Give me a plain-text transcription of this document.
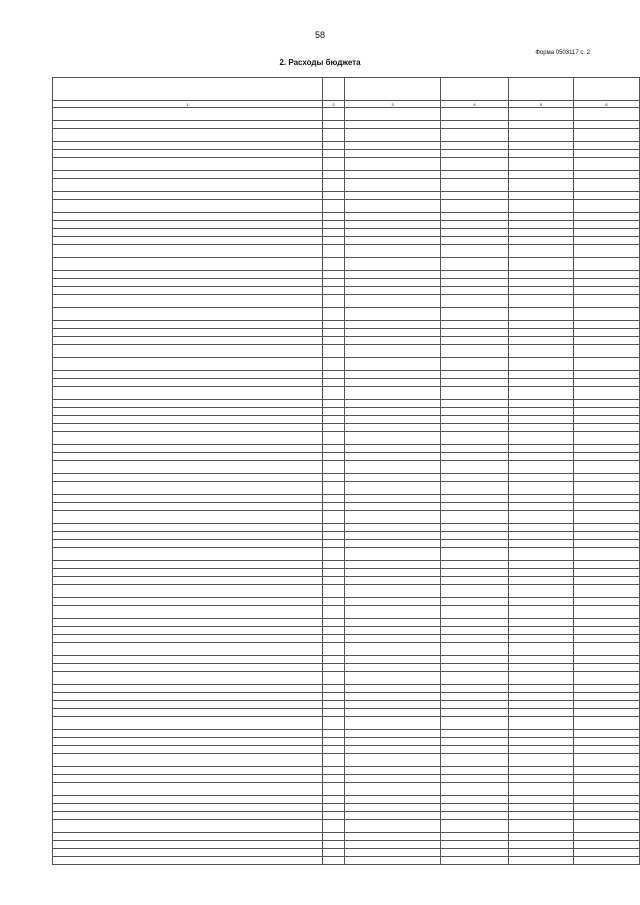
58
Форма 0503117 с. 2
2. Расходы бюджета

1	2	3	4	5	6
